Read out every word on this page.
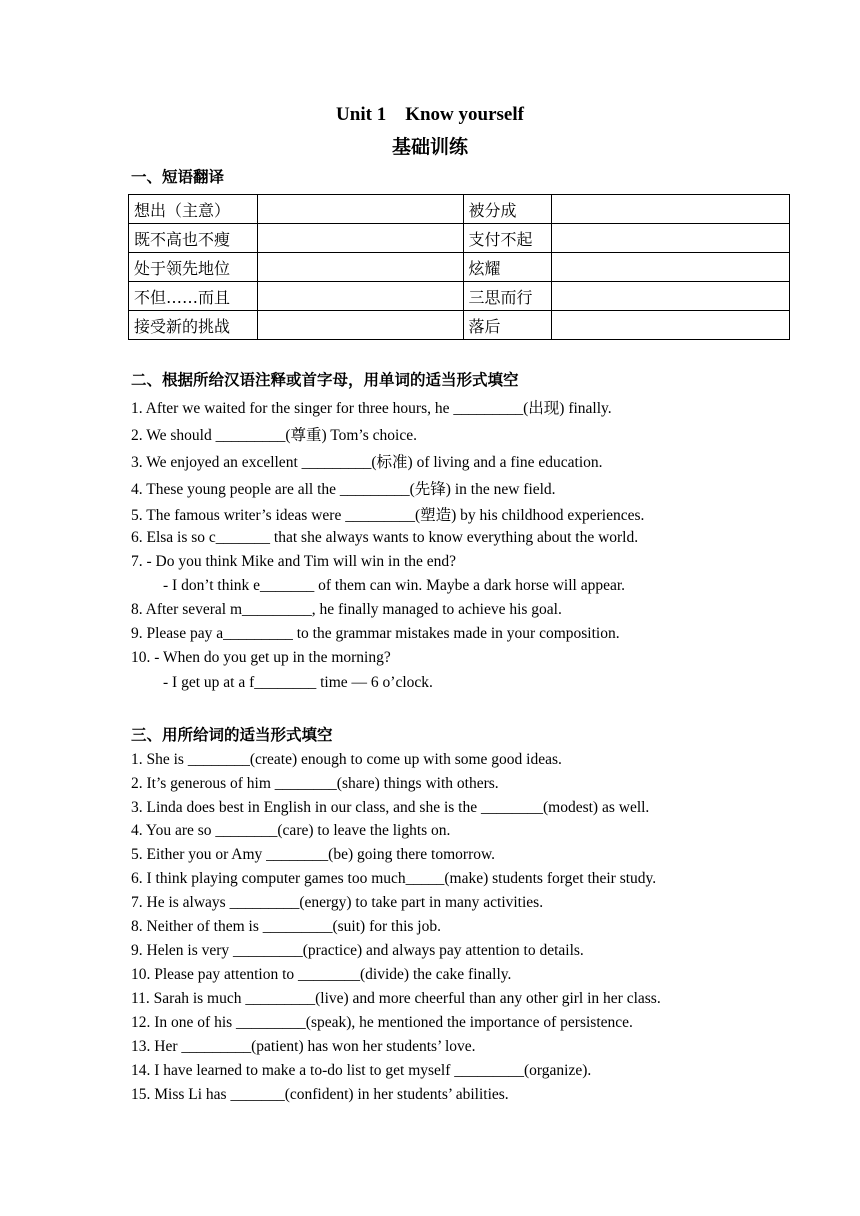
Unit 1    Know yourself
基础训练
一、短语翻译
想出（主意）		被分成	
既不高也不瘦		支付不起	
处于领先地位		炫耀	
不但……而且		三思而行	
接受新的挑战		落后	
二、根据所给汉语注释或首字母，用单词的适当形式填空
1. After we waited for the singer for three hours, he _________(出现) finally.
2. We should _________(尊重) Tom’s choice.
3. We enjoyed an excellent _________(标准) of living and a fine education.
4. These young people are all the _________(先锋) in the new field.
5. The famous writer’s ideas were _________(塑造) by his childhood experiences.
6. Elsa is so c_______ that she always wants to know everything about the world.
7. - Do you think Mike and Tim will win in the end?
- I don’t think e_______ of them can win. Maybe a dark horse will appear.
8. After several m_________, he finally managed to achieve his goal.
9. Please pay a_________ to the grammar mistakes made in your composition.
10. - When do you get up in the morning?
- I get up at a f________ time — 6 o’clock.
三、用所给词的适当形式填空
1. She is ________(create) enough to come up with some good ideas.
2. It’s generous of him ________(share) things with others.
3. Linda does best in English in our class, and she is the ________(modest) as well.
4. You are so ________(care) to leave the lights on.
5. Either you or Amy ________(be) going there tomorrow.
6. I think playing computer games too much_____(make) students forget their study.
7. He is always _________(energy) to take part in many activities.
8. Neither of them is _________(suit) for this job.
9. Helen is very _________(practice) and always pay attention to details.
10. Please pay attention to ________(divide) the cake finally.
11. Sarah is much _________(live) and more cheerful than any other girl in her class.
12. In one of his _________(speak), he mentioned the importance of persistence.
13. Her _________(patient) has won her students’ love.
14. I have learned to make a to-do list to get myself _________(organize).
15. Miss Li has _______(confident) in her students’ abilities.
